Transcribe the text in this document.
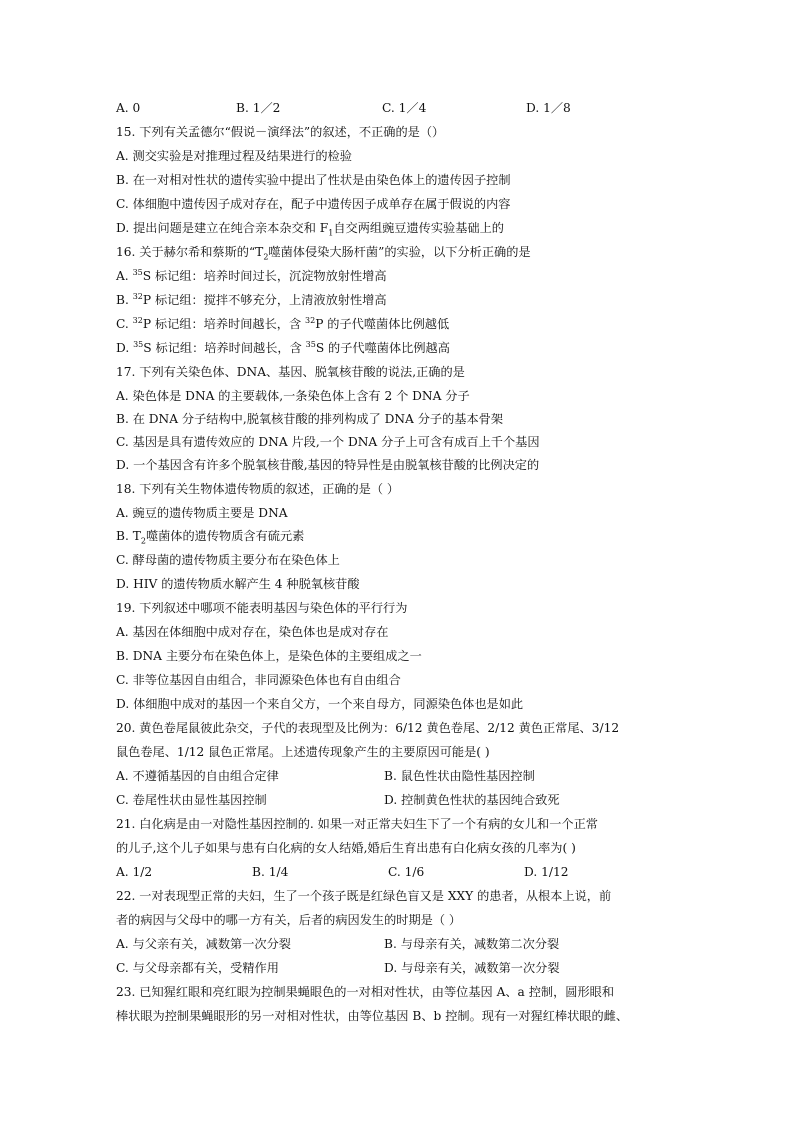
A. 0	B. 1／2	C. 1／4	D. 1／8
15. 下列有关孟德尔“假说－演绎法”的叙述，不正确的是（）
A. 测交实验是对推理过程及结果进行的检验
B. 在一对相对性状的遗传实验中提出了性状是由染色体上的遗传因子控制
C. 体细胞中遗传因子成对存在，配子中遗传因子成单存在属于假说的内容
D. 提出问题是建立在纯合亲本杂交和 $F_1$自交两组豌豆遗传实验基础上的
16. 关于赫尔希和蔡斯的“$T_2$噬菌体侵染大肠杆菌”的实验，以下分析正确的是
A. $^{35}$S 标记组：培养时间过长，沉淀物放射性增高
B. $^{32}$P 标记组：搅拌不够充分，上清液放射性增高
C. $^{32}$P 标记组：培养时间越长，含 $^{32}$P 的子代噬菌体比例越低
D. $^{35}$S 标记组：培养时间越长，含 $^{35}$S 的子代噬菌体比例越高
17. 下列有关染色体、DNA、基因、脱氧核苷酸的说法,正确的是
A. 染色体是 DNA 的主要载体,一条染色体上含有 2 个 DNA 分子
B. 在 DNA 分子结构中,脱氧核苷酸的排列构成了 DNA 分子的基本骨架
C. 基因是具有遗传效应的 DNA 片段,一个 DNA 分子上可含有成百上千个基因
D. 一个基因含有许多个脱氧核苷酸,基因的特异性是由脱氧核苷酸的比例决定的
18. 下列有关生物体遗传物质的叙述，正确的是（ ）
A. 豌豆的遗传物质主要是 DNA
B. $T_2$噬菌体的遗传物质含有硫元素
C. 酵母菌的遗传物质主要分布在染色体上
D. HIV 的遗传物质水解产生 4 种脱氧核苷酸
19. 下列叙述中哪项不能表明基因与染色体的平行行为
A. 基因在体细胞中成对存在，染色体也是成对存在
B. DNA 主要分布在染色体上，是染色体的主要组成之一
C. 非等位基因自由组合，非同源染色体也有自由组合
D. 体细胞中成对的基因一个来自父方，一个来自母方，同源染色体也是如此
20. 黄色卷尾鼠彼此杂交，子代的表现型及比例为：6/12 黄色卷尾、2/12 黄色正常尾、3/12
鼠色卷尾、1/12 鼠色正常尾。上述遗传现象产生的主要原因可能是( )
A. 不遵循基因的自由组合定律	B. 鼠色性状由隐性基因控制
C. 卷尾性状由显性基因控制	D. 控制黄色性状的基因纯合致死
21. 白化病是由一对隐性基因控制的. 如果一对正常夫妇生下了一个有病的女儿和一个正常
的儿子,这个儿子如果与患有白化病的女人结婚,婚后生育出患有白化病女孩的几率为( )
A. 1/2	B. 1/4	C. 1/6	D. 1/12
22. 一对表现型正常的夫妇，生了一个孩子既是红绿色盲又是 XXY 的患者，从根本上说，前
者的病因与父母中的哪一方有关，后者的病因发生的时期是（ ）
A. 与父亲有关，减数第一次分裂	B. 与母亲有关，减数第二次分裂
C. 与父母亲都有关，受精作用	D. 与母亲有关，减数第一次分裂
23. 已知猩红眼和亮红眼为控制果蝇眼色的一对相对性状，由等位基因 A、a 控制，圆形眼和
棒状眼为控制果蝇眼形的另一对相对性状，由等位基因 B、b 控制。现有一对猩红棒状眼的雌、
